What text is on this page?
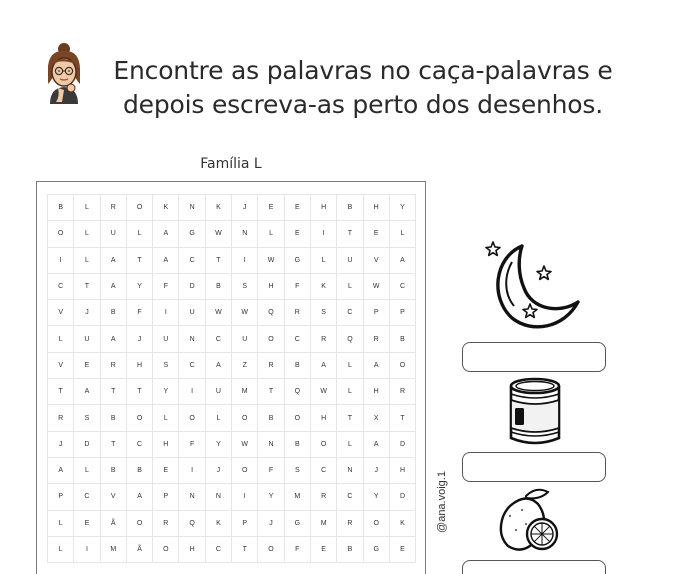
Encontre as palavras no caça-palavras e
depois escreva-as perto dos desenhos.
Família L
B	L	R	O	K	N	K	J	E	E	H	B	H	Y
O	L	U	L	A	G	W	N	L	E	I	T	E	L
I	L	A	T	A	C	T	I	W	G	L	U	V	A
C	T	A	Y	F	D	B	S	H	F	K	L	W	C
V	J	B	F	I	U	W	W	Q	R	S	C	P	P
L	U	A	J	U	N	C	U	O	C	R	Q	R	B
V	E	R	H	S	C	A	Z	R	B	A	L	A	O
T	A	T	T	Y	I	U	M	T	Q	W	L	H	R
R	S	B	O	L	O	L	O	B	O	H	T	X	T
J	D	T	C	H	F	Y	W	N	B	O	L	A	D
A	L	B	B	E	I	J	O	F	S	C	N	J	H
P	C	V	A	P	N	N	I	Y	M	R	C	Y	D
L	E	Ã	O	R	Q	K	P	J	G	M	R	O	K
L	I	M	Ã	O	H	C	T	O	F	E	B	G	E
@ana.voig.1
